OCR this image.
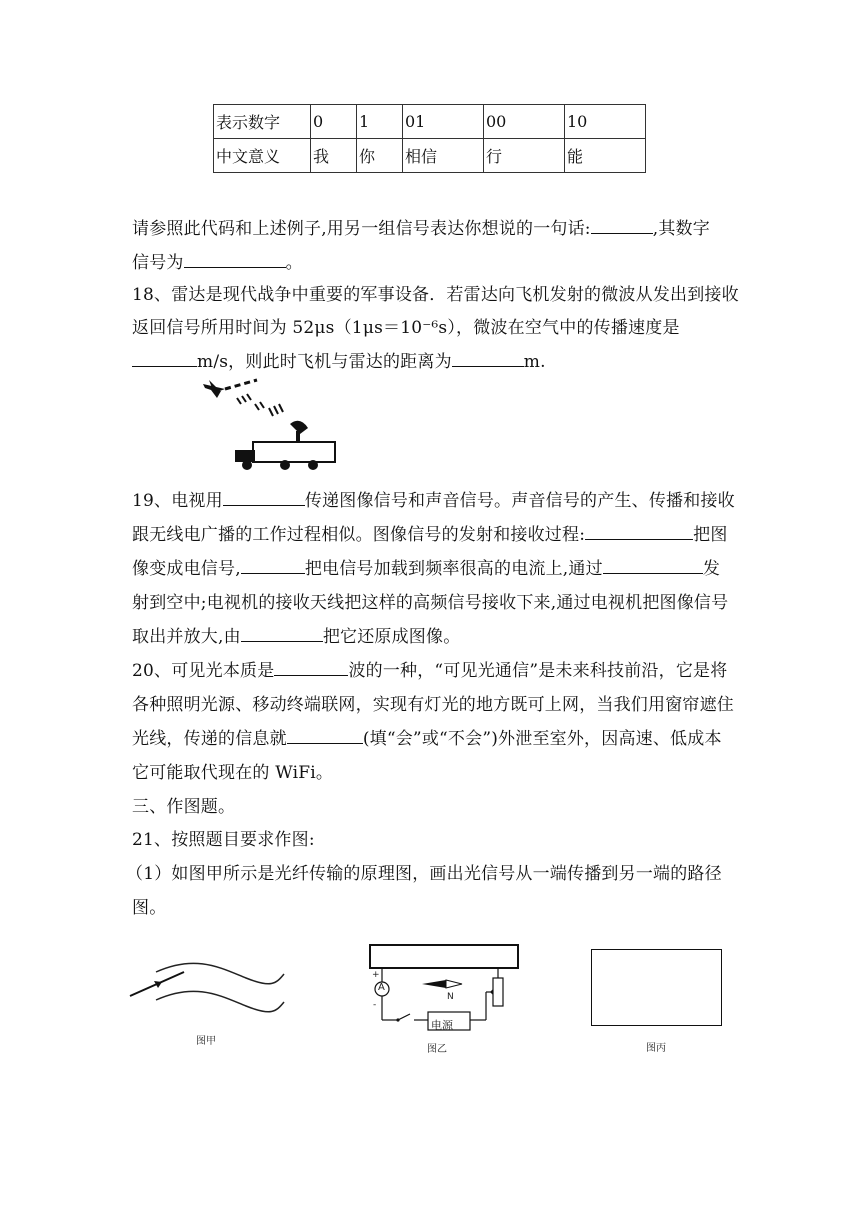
表示数字	0	1	01	00	10
中文意义	我	你	相信	行	能
请参照此代码和上述例子,用另一组信号表达你想说的一句话:	,其数字
信号为	。
18、雷达是现代战争中重要的军事设备．若雷达向飞机发射的微波从发出到接收
返回信号所用时间为 52μs（1μs＝10⁻⁶s），微波在空气中的传播速度是
m/s，则此时飞机与雷达的距离为	m.
19、电视用	传递图像信号和声音信号。声音信号的产生、传播和接收
跟无线电广播的工作过程相似。图像信号的发射和接收过程:	把图
像变成电信号,	把电信号加载到频率很高的电流上,通过	发
射到空中;电视机的接收天线把这样的高频信号接收下来,通过电视机把图像信号
取出并放大,由	把它还原成图像。
20、可见光本质是	波的一种，“可见光通信”是未来科技前沿，它是将
各种照明光源、移动终端联网，实现有灯光的地方既可上网，当我们用窗帘遮住
光线，传递的信息就	(填“会”或“不会”)外泄至室外，因高速、低成本
它可能取代现在的 WiFi。
三、作图题。
21、按照题目要求作图:
（1）如图甲所示是光纤传输的原理图，画出光信号从一端传播到另一端的路径
图。
图甲
A
+
-
N
电源
图乙	图丙
